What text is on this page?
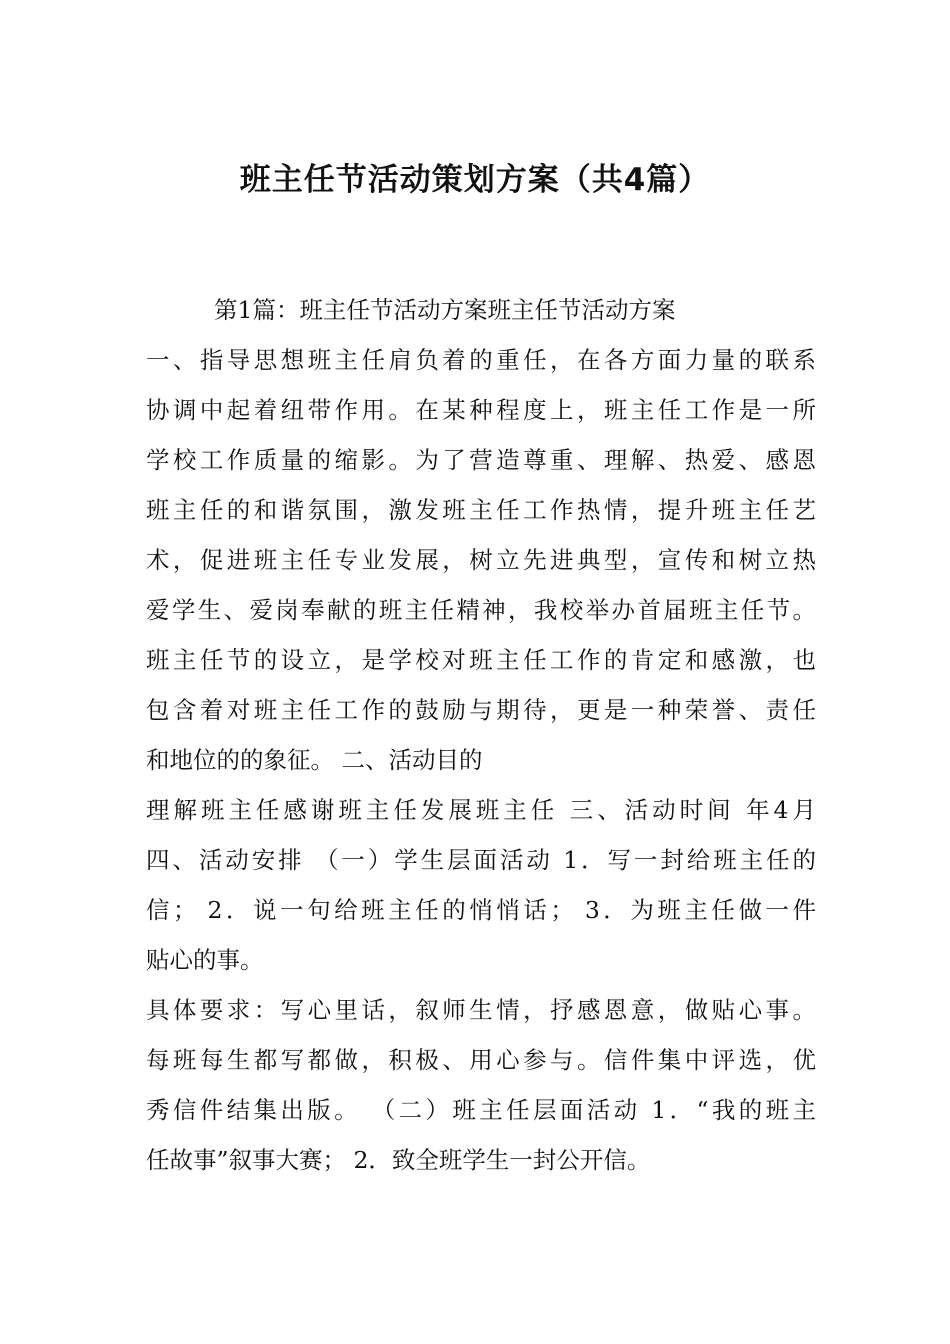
班主任节活动策划方案（共4篇）
第1篇：班主任节活动方案班主任节活动方案
一、指导思想班主任肩负着的重任，在各方面力量的联系
协调中起着纽带作用。在某种程度上，班主任工作是一所
学校工作质量的缩影。为了营造尊重、理解、热爱、感恩
班主任的和谐氛围，激发班主任工作热情，提升班主任艺
术，促进班主任专业发展，树立先进典型，宣传和树立热
爱学生、爱岗奉献的班主任精神，我校举办首届班主任节。
班主任节的设立，是学校对班主任工作的肯定和感激，也
包含着对班主任工作的鼓励与期待，更是一种荣誉、责任
和地位的的象征。 二、活动目的
理解班主任感谢班主任发展班主任 三、活动时间 年4月
四、活动安排 （一）学生层面活动 1．写一封给班主任的
信； 2．说一句给班主任的悄悄话； 3．为班主任做一件
贴心的事。
具体要求：写心里话，叙师生情，抒感恩意，做贴心事。
每班每生都写都做，积极、用心参与。信件集中评选，优
秀信件结集出版。 （二）班主任层面活动 1．“我的班主
任故事”叙事大赛； 2．致全班学生一封公开信。
